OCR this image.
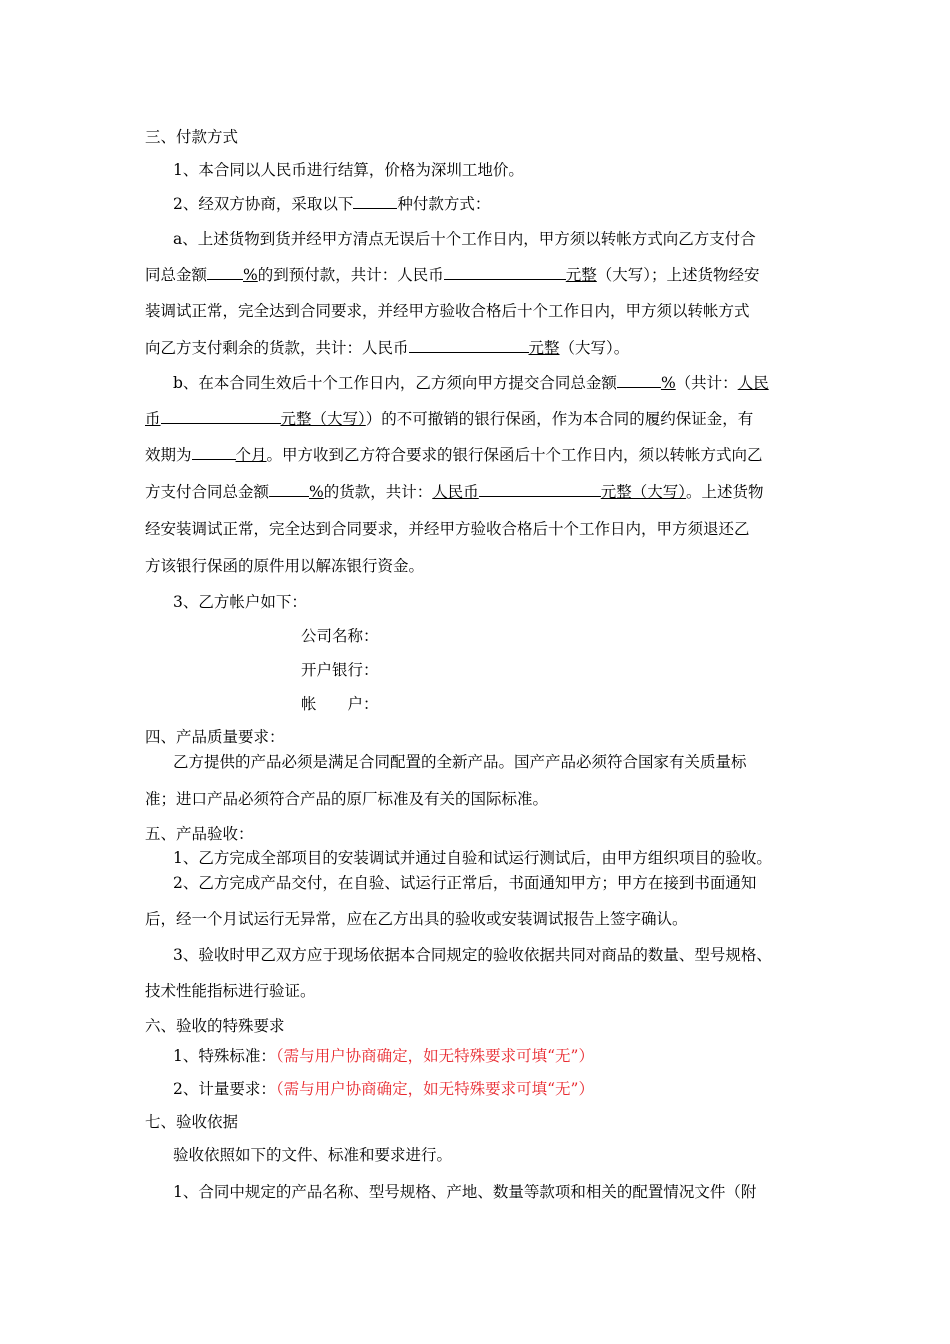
三、付款方式
1、本合同以人民币进行结算，价格为深圳工地价。
2、经双方协商，采取以下	种付款方式：
a、上述货物到货并经甲方清点无误后十个工作日内，甲方须以转帐方式向乙方支付合
同总金额 %的到预付款，共计：人民币	元整（大写）；上述货物经安
装调试正常，完全达到合同要求，并经甲方验收合格后十个工作日内，甲方须以转帐方式
向乙方支付剩余的货款，共计：人民币	元整（大写）。
b、在本合同生效后十个工作日内，乙方须向甲方提交合同总金额	%（共计：人民
币	元整（大写））的不可撤销的银行保函，作为本合同的履约保证金，有
效期为	个月。甲方收到乙方符合要求的银行保函后十个工作日内，须以转帐方式向乙
方支付合同总金额	%的货款，共计：人民币	元整（大写）。上述货物
经安装调试正常，完全达到合同要求，并经甲方验收合格后十个工作日内，甲方须退还乙
方该银行保函的原件用以解冻银行资金。
3、乙方帐户如下：
公司名称：
开户银行：
帐　　户：
四、产品质量要求：
乙方提供的产品必须是满足合同配置的全新产品。国产产品必须符合国家有关质量标
准；进口产品必须符合产品的原厂标准及有关的国际标准。
五、产品验收：
1、乙方完成全部项目的安装调试并通过自验和试运行测试后，由甲方组织项目的验收。
2、乙方完成产品交付，在自验、试运行正常后，书面通知甲方；甲方在接到书面通知
后，经一个月试运行无异常，应在乙方出具的验收或安装调试报告上签字确认。
3、验收时甲乙双方应于现场依据本合同规定的验收依据共同对商品的数量、型号规格、
技术性能指标进行验证。
六、验收的特殊要求
1、特殊标准：（需与用户协商确定，如无特殊要求可填“无”）
2、计量要求：（需与用户协商确定，如无特殊要求可填“无”）
七、验收依据
验收依照如下的文件、标准和要求进行。
1、合同中规定的产品名称、型号规格、产地、数量等款项和相关的配置情况文件（附
